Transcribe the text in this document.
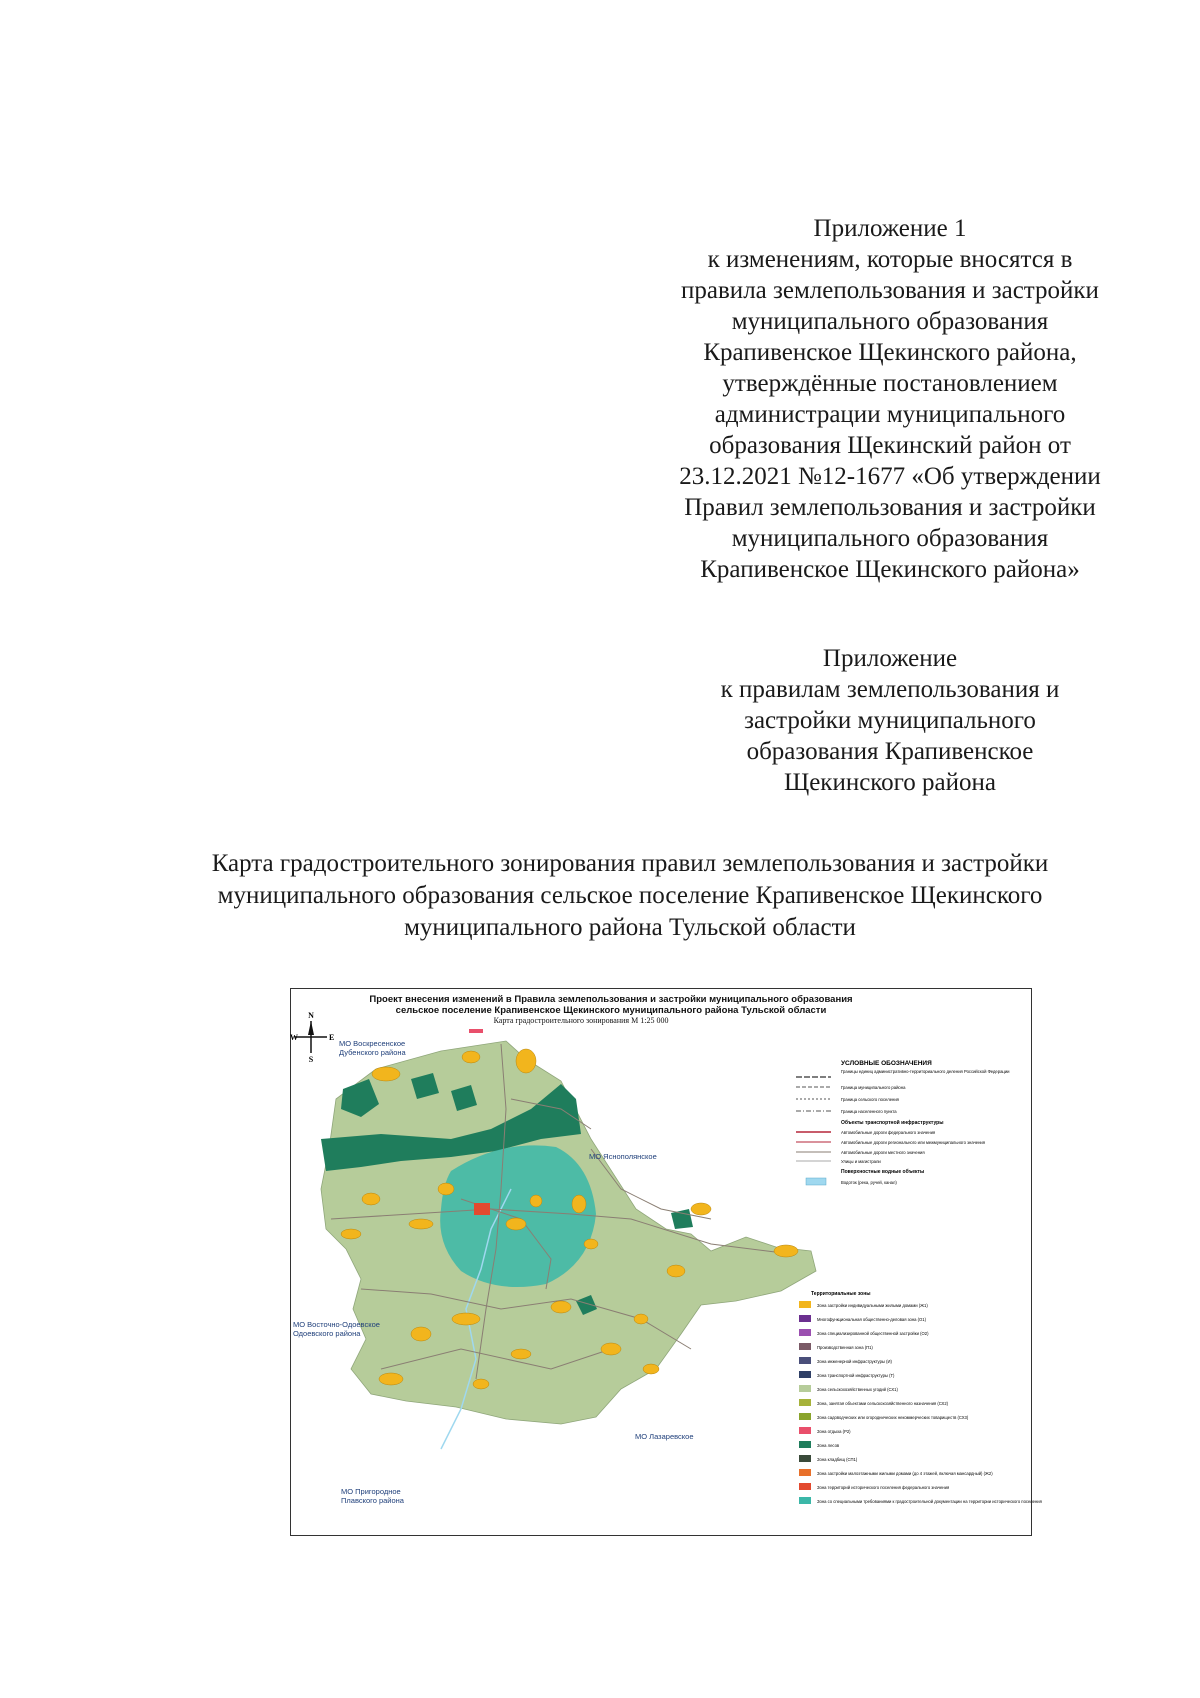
Приложение 1
к изменениям, которые вносятся в
правила землепользования и застройки
муниципального образования
Крапивенское Щекинского района,
утверждённые постановлением
администрации муниципального
образования Щекинский район от
23.12.2021 №12-1677 «Об утверждении
Правил землепользования и застройки
муниципального образования
Крапивенское Щекинского района»
Приложение
к правилам землепользования и
застройки муниципального
образования Крапивенское
Щекинского района
Карта градостроительного зонирования правил землепользования и застройки
муниципального образования сельское поселение Крапивенское Щекинского
муниципального района Тульской области
Проект внесения изменений в Правила землепользования и застройки муниципального образования
сельское поселение Крапивенское Щекинского муниципального района Тульской области
Карта градостроительного зонирования М 1:25 000
N
S
W	E
МО Воскресенское
Дубенского района
МО Яснополянское
МО Восточно-Одоевское
Одоевского района
МО Лазаревское
МО Пригородное
Плавского района
УСЛОВНЫЕ ОБОЗНАЧЕНИЯ
Границы единиц административно-территориального деления Российской Федерации
Граница муниципального района
Граница сельского поселения
Граница населенного пункта
Объекты транспортной инфраструктуры
Автомобильные дороги федерального значения
Автомобильные дороги регионального или межмуниципального значения
Автомобильные дороги местного значения
Улицы и магистрали
Поверхностные водные объекты
Водоток (река, ручей, канал)
Территориальные зоны
Зона застройки индивидуальными жилыми домами (Ж1)
Многофункциональная общественно-деловая зона (О1)
Зона специализированной общественной застройки (О2)
Производственная зона (П1)
Зона инженерной инфраструктуры (И)
Зона транспортной инфраструктуры (Т)
Зона сельскохозяйственных угодий (СХ1)
Зона, занятая объектами сельскохозяйственного назначения (СХ2)
Зона садоводческих или огороднических некоммерческих товариществ (СХ3)
Зона отдыха (Р2)
Зона лесов
Зона кладбищ (СП1)
Зона застройки малоэтажными жилыми домами (до 4 этажей, включая мансардный) (Ж2)
Зона территорий исторического поселения федерального значения
Зона со специальными требованиями к градостроительной документации на территории исторического поселения
